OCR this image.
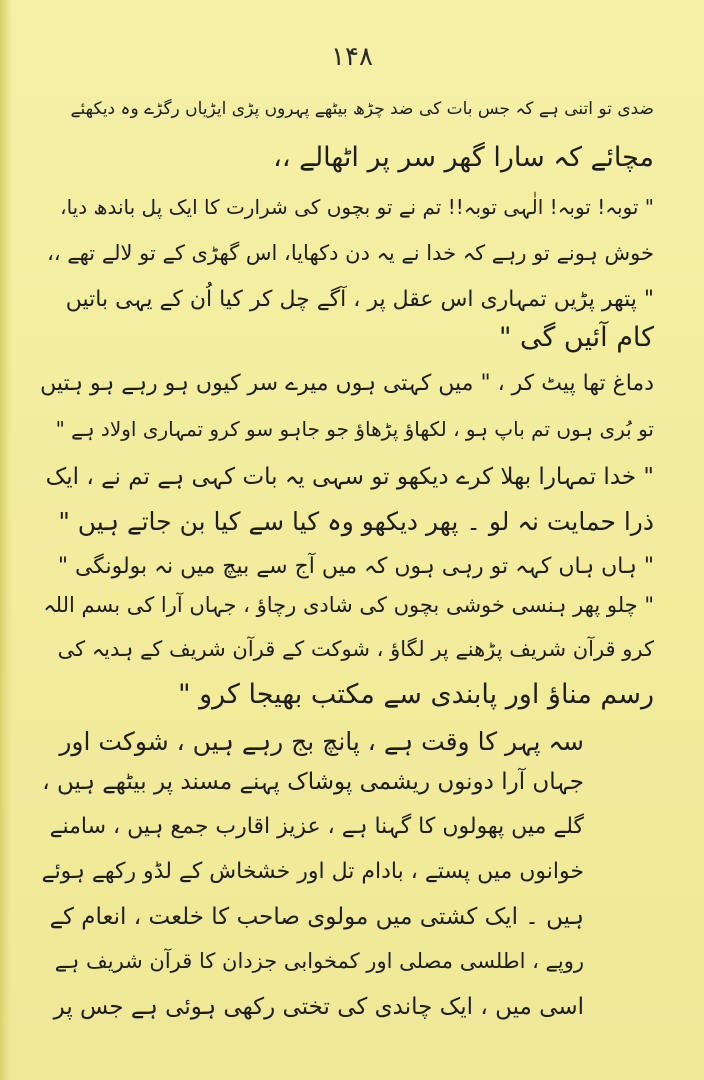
۱۴۸
ضدی تو اتنی ہے کہ جس بات کی ضد چڑھ بیٹھے پہروں پڑی ایڑیاں رگڑے وہ دیکھئے
مچائے کہ سارا گھر سر پر اٹھالے ،،
" توبہ! توبہ! الٰہی توبہ!! تم نے تو بچوں کی شرارت کا ایک پل باندھ دیا،
خوش ہونے تو رہے کہ خدا نے یہ دن دکھایا، اس گھڑی کے تو لالے تھے ،،
" پتھر پڑیں تمہاری اس عقل پر ، آگے چل کر کیا اُن کے یہی باتیں
کام آئیں گی "
دماغ تھا پیٹ کر ، " میں کہتی ہوں میرے سر کیوں ہو رہے ہو ہتیں
تو بُری ہوں تم باپ ہو ، لکھاؤ پڑھاؤ جو جاہو سو کرو تمہاری اولاد ہے "
" خدا تمہارا بھلا کرے دیکھو تو سہی یہ بات کہی ہے تم نے ، ایک
ذرا حمایت نہ لو ۔ پھر دیکھو وہ کیا سے کیا بن جاتے ہیں "
" ہاں ہاں کہہ تو رہی ہوں کہ میں آج سے بیچ میں نہ بولونگی "
" چلو پھر ہنسی خوشی بچوں کی شادی رچاؤ ، جہاں آرا کی بسم اللہ
کرو قرآن شریف پڑھنے پر لگاؤ ، شوکت کے قرآن شریف کے ہدیہ کی
رسم مناؤ اور پابندی سے مکتب بھیجا کرو "
سہ پہر کا وقت ہے ، پانچ بج رہے ہیں ، شوکت اور
جہاں آرا دونوں ریشمی پوشاک پہنے مسند پر بیٹھے ہیں ،
گلے میں پھولوں کا گہنا ہے ، عزیز اقارب جمع ہیں ، سامنے
خوانوں میں پستے ، بادام تل اور خشخاش کے لڈو رکھے ہوئے
ہیں ۔ ایک کشتی میں مولوی صاحب کا خلعت ، انعام کے
روپے ، اطلسی مصلی اور کمخوابی جزدان کا قرآن شریف ہے
اسی میں ، ایک چاندی کی تختی رکھی ہوئی ہے جس پر
